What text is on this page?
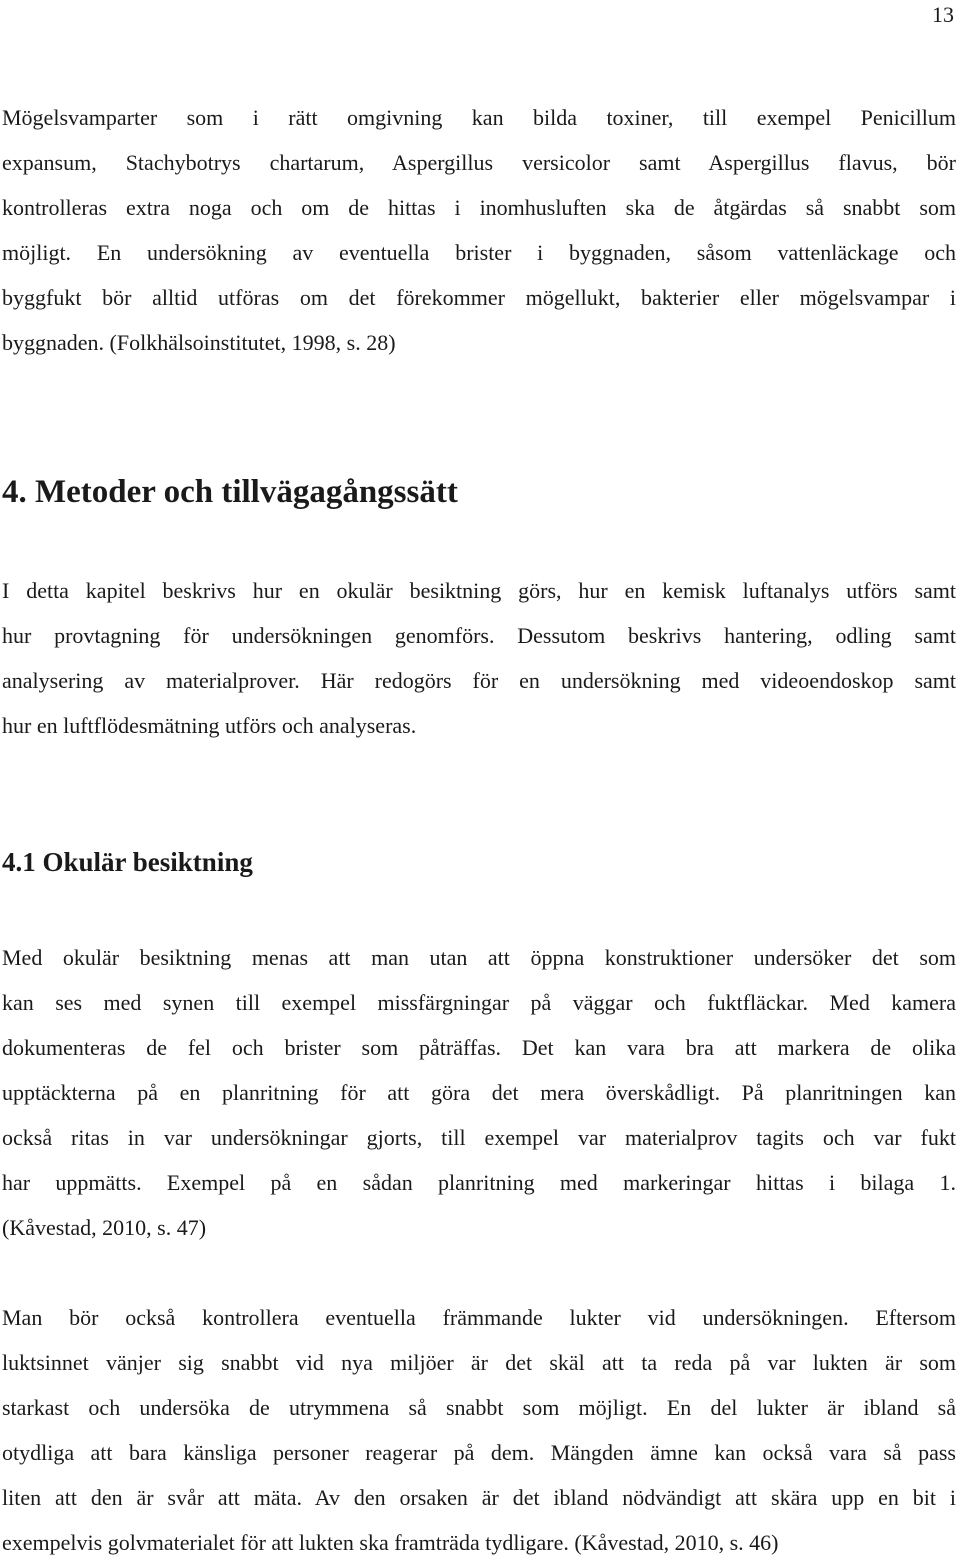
13
Mögelsvamparter som i rätt omgivning kan bilda toxiner, till exempel Penicillum
expansum, Stachybotrys chartarum, Aspergillus versicolor samt Aspergillus flavus, bör
kontrolleras extra noga och om de hittas i inomhusluften ska de åtgärdas så snabbt som
möjligt. En undersökning av eventuella brister i byggnaden, såsom vattenläckage och
byggfukt bör alltid utföras om det förekommer mögellukt, bakterier eller mögelsvampar i
byggnaden. (Folkhälsoinstitutet, 1998, s. 28)
4. Metoder och tillvägagångssätt
I detta kapitel beskrivs hur en okulär besiktning görs, hur en kemisk luftanalys utförs samt
hur provtagning för undersökningen genomförs. Dessutom beskrivs hantering, odling samt
analysering av materialprover. Här redogörs för en undersökning med videoendoskop samt
hur en luftflödesmätning utförs och analyseras.
4.1 Okulär besiktning
Med okulär besiktning menas att man utan att öppna konstruktioner undersöker det som
kan ses med synen till exempel missfärgningar på väggar och fuktfläckar. Med kamera
dokumenteras de fel och brister som påträffas. Det kan vara bra att markera de olika
upptäckterna på en planritning för att göra det mera överskådligt. På planritningen kan
också ritas in var undersökningar gjorts, till exempel var materialprov tagits och var fukt
har uppmätts. Exempel på en sådan planritning med markeringar hittas i bilaga 1.
(Kåvestad, 2010, s. 47)
Man bör också kontrollera eventuella främmande lukter vid undersökningen. Eftersom
luktsinnet vänjer sig snabbt vid nya miljöer är det skäl att ta reda på var lukten är som
starkast och undersöka de utrymmena så snabbt som möjligt. En del lukter är ibland så
otydliga att bara känsliga personer reagerar på dem. Mängden ämne kan också vara så pass
liten att den är svår att mäta. Av den orsaken är det ibland nödvändigt att skära upp en bit i
exempelvis golvmaterialet för att lukten ska framträda tydligare. (Kåvestad, 2010, s. 46)
